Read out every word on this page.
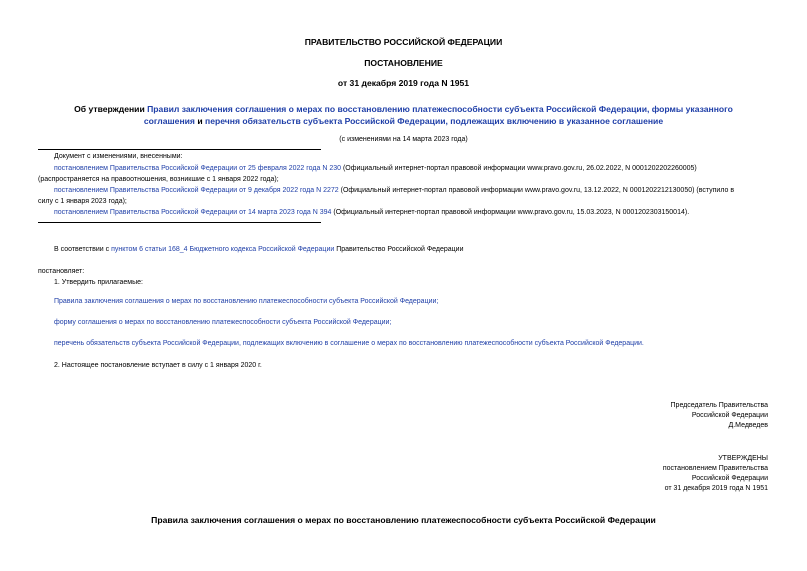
ПРАВИТЕЛЬСТВО РОССИЙСКОЙ ФЕДЕРАЦИИ
ПОСТАНОВЛЕНИЕ
от 31 декабря 2019 года N 1951
Об утверждении Правил заключения соглашения о мерах по восстановлению платежеспособности субъекта Российской Федерации, формы указанного
соглашения и перечня обязательств субъекта Российской Федерации, подлежащих включению в указанное соглашение
(с изменениями на 14 марта 2023 года)
Документ с изменениями, внесенными:
постановлением Правительства Российской Федерации от 25 февраля 2022 года N 230 (Официальный интернет-портал правовой информации www.pravo.gov.ru, 26.02.2022, N 0001202202260005)
(распространяется на правоотношения, возникшие с 1 января 2022 года);
постановлением Правительства Российской Федерации от 9 декабря 2022 года N 2272 (Официальный интернет-портал правовой информации www.pravo.gov.ru, 13.12.2022, N 0001202212130050) (вступило в
силу с 1 января 2023 года);
постановлением Правительства Российской Федерации от 14 марта 2023 года N 394 (Официальный интернет-портал правовой информации www.pravo.gov.ru, 15.03.2023, N 0001202303150014).
В соответствии с пунктом 6 статьи 168_4 Бюджетного кодекса Российской Федерации Правительство Российской Федерации
постановляет:
1. Утвердить прилагаемые:
Правила заключения соглашения о мерах по восстановлению платежеспособности субъекта Российской Федерации;
форму соглашения о мерах по восстановлению платежеспособности субъекта Российской Федерации;
перечень обязательств субъекта Российской Федерации, подлежащих включению в соглашение о мерах по восстановлению платежеспособности субъекта Российской Федерации.
2. Настоящее постановление вступает в силу с 1 января 2020 г.
Председатель Правительства
Российской Федерации
Д.Медведев
УТВЕРЖДЕНЫ
постановлением Правительства
Российской Федерации
от 31 декабря 2019 года N 1951
Правила заключения соглашения о мерах по восстановлению платежеспособности субъекта Российской Федерации
